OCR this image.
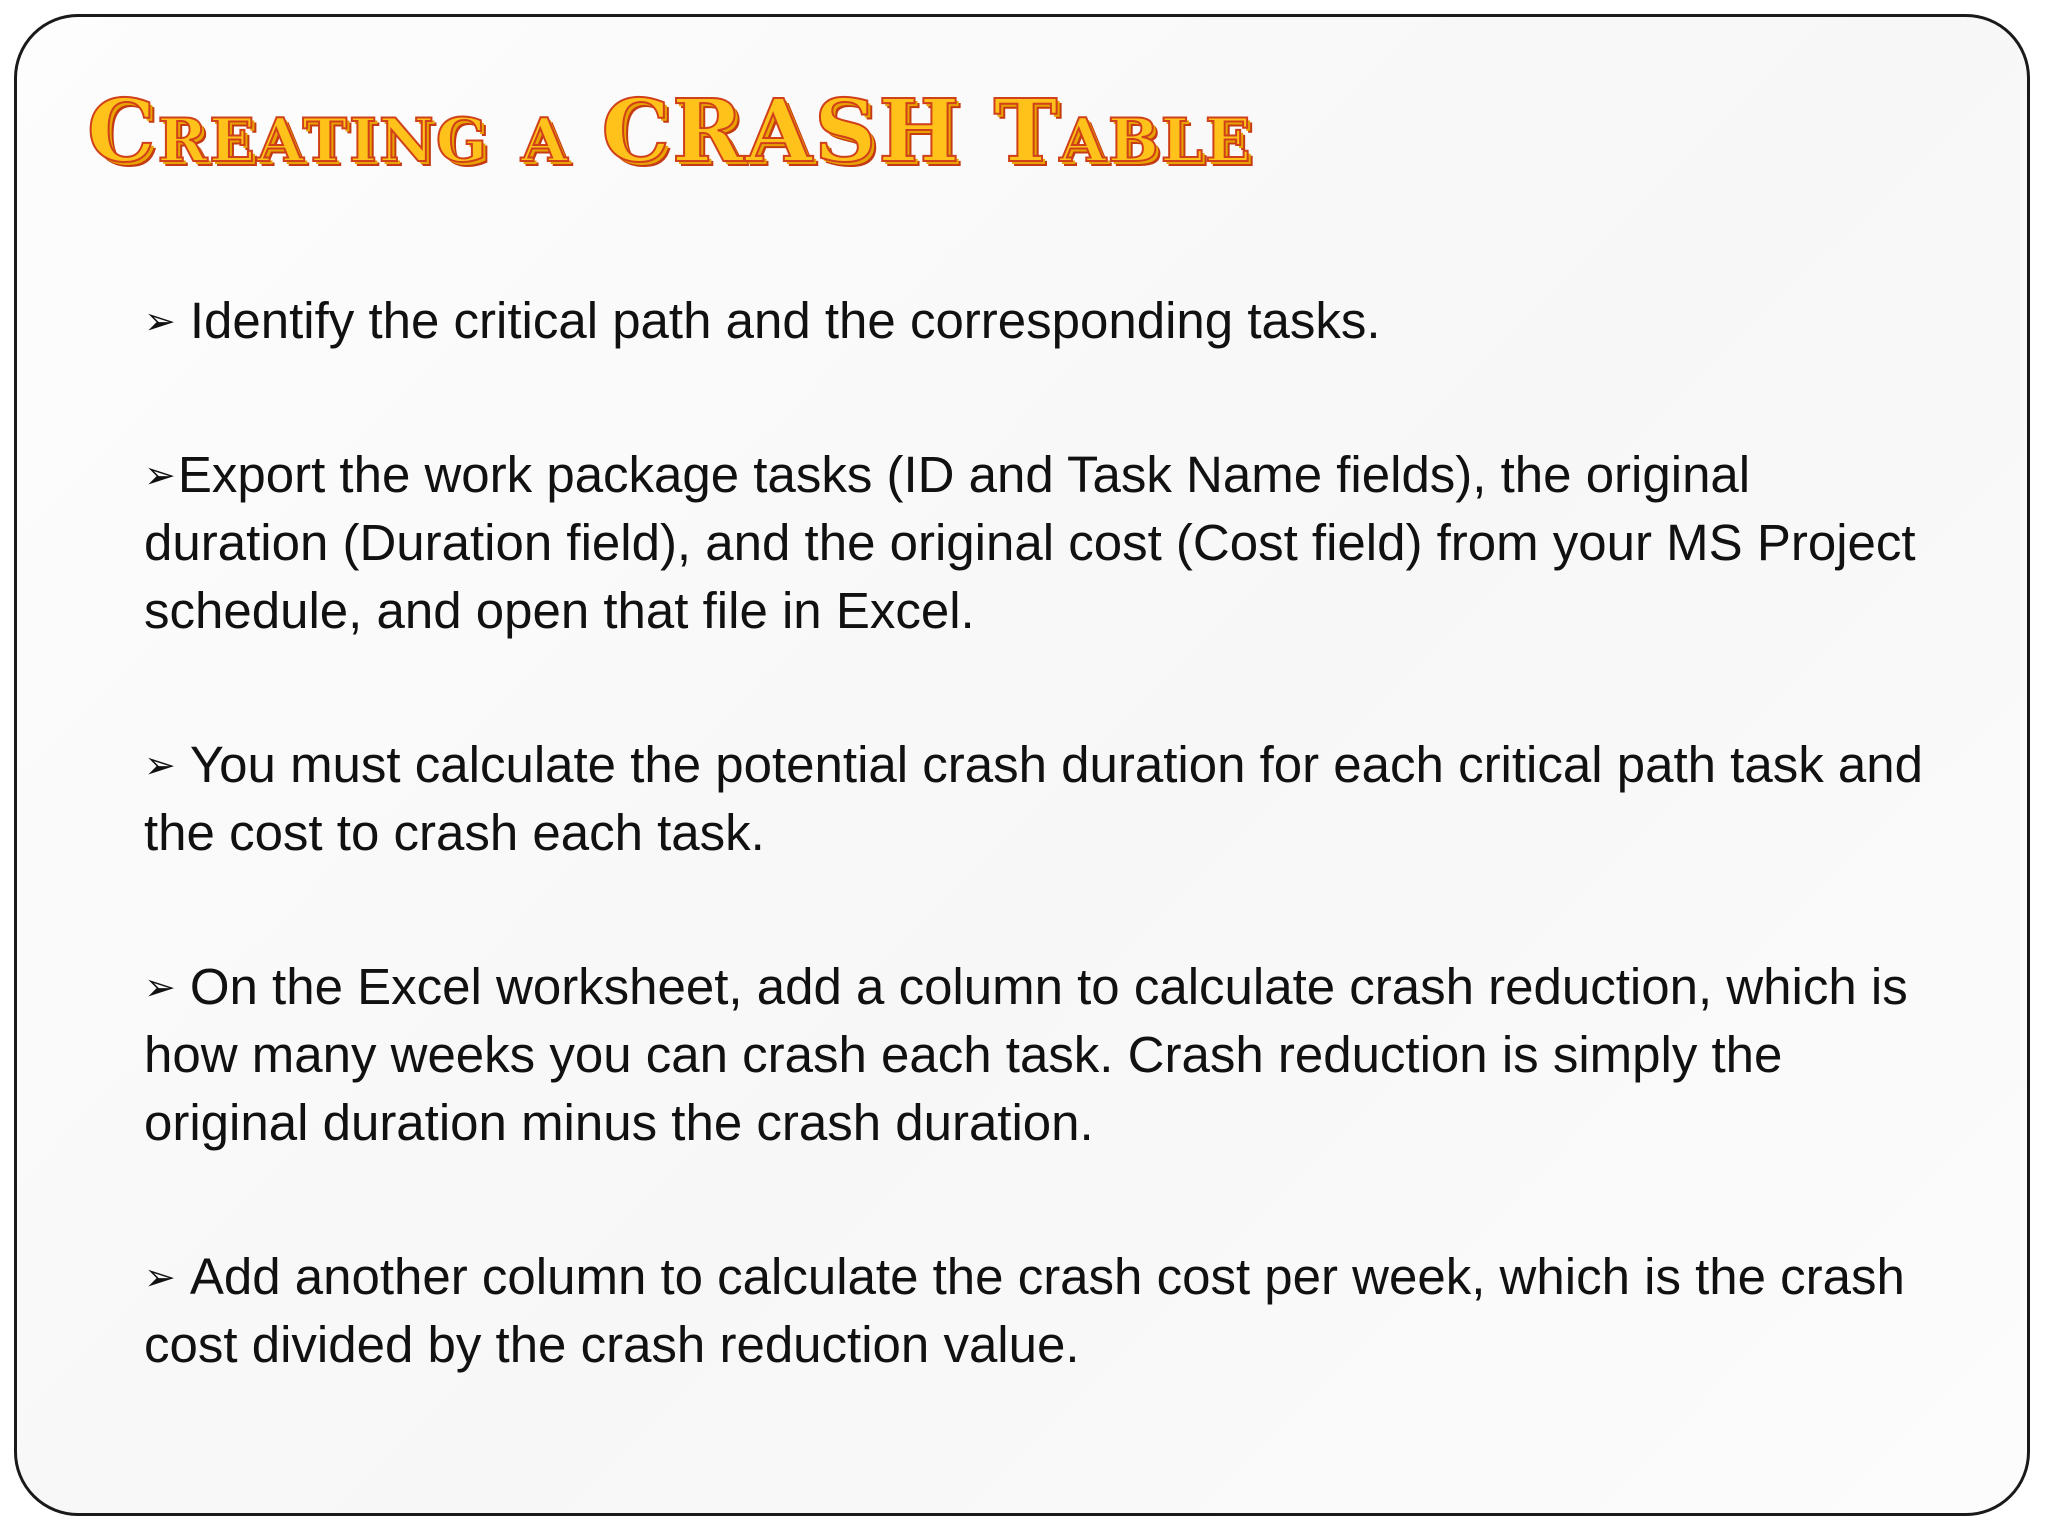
Creating a CRASH Table
➢ Identify the critical path and the corresponding tasks.
➢Export the work package tasks (ID and Task Name fields), the original duration (Duration field), and the original cost (Cost field) from your MS Project schedule, and open that file in Excel.
➢ You must calculate the potential crash duration for each critical path task and the cost to crash each task.
➢ On the Excel worksheet, add a column to calculate crash reduction, which is how many weeks you can crash each task. Crash reduction is simply the original duration minus the crash duration.
➢ Add another column to calculate the crash cost per week, which is the crash cost divided by the crash reduction value.
